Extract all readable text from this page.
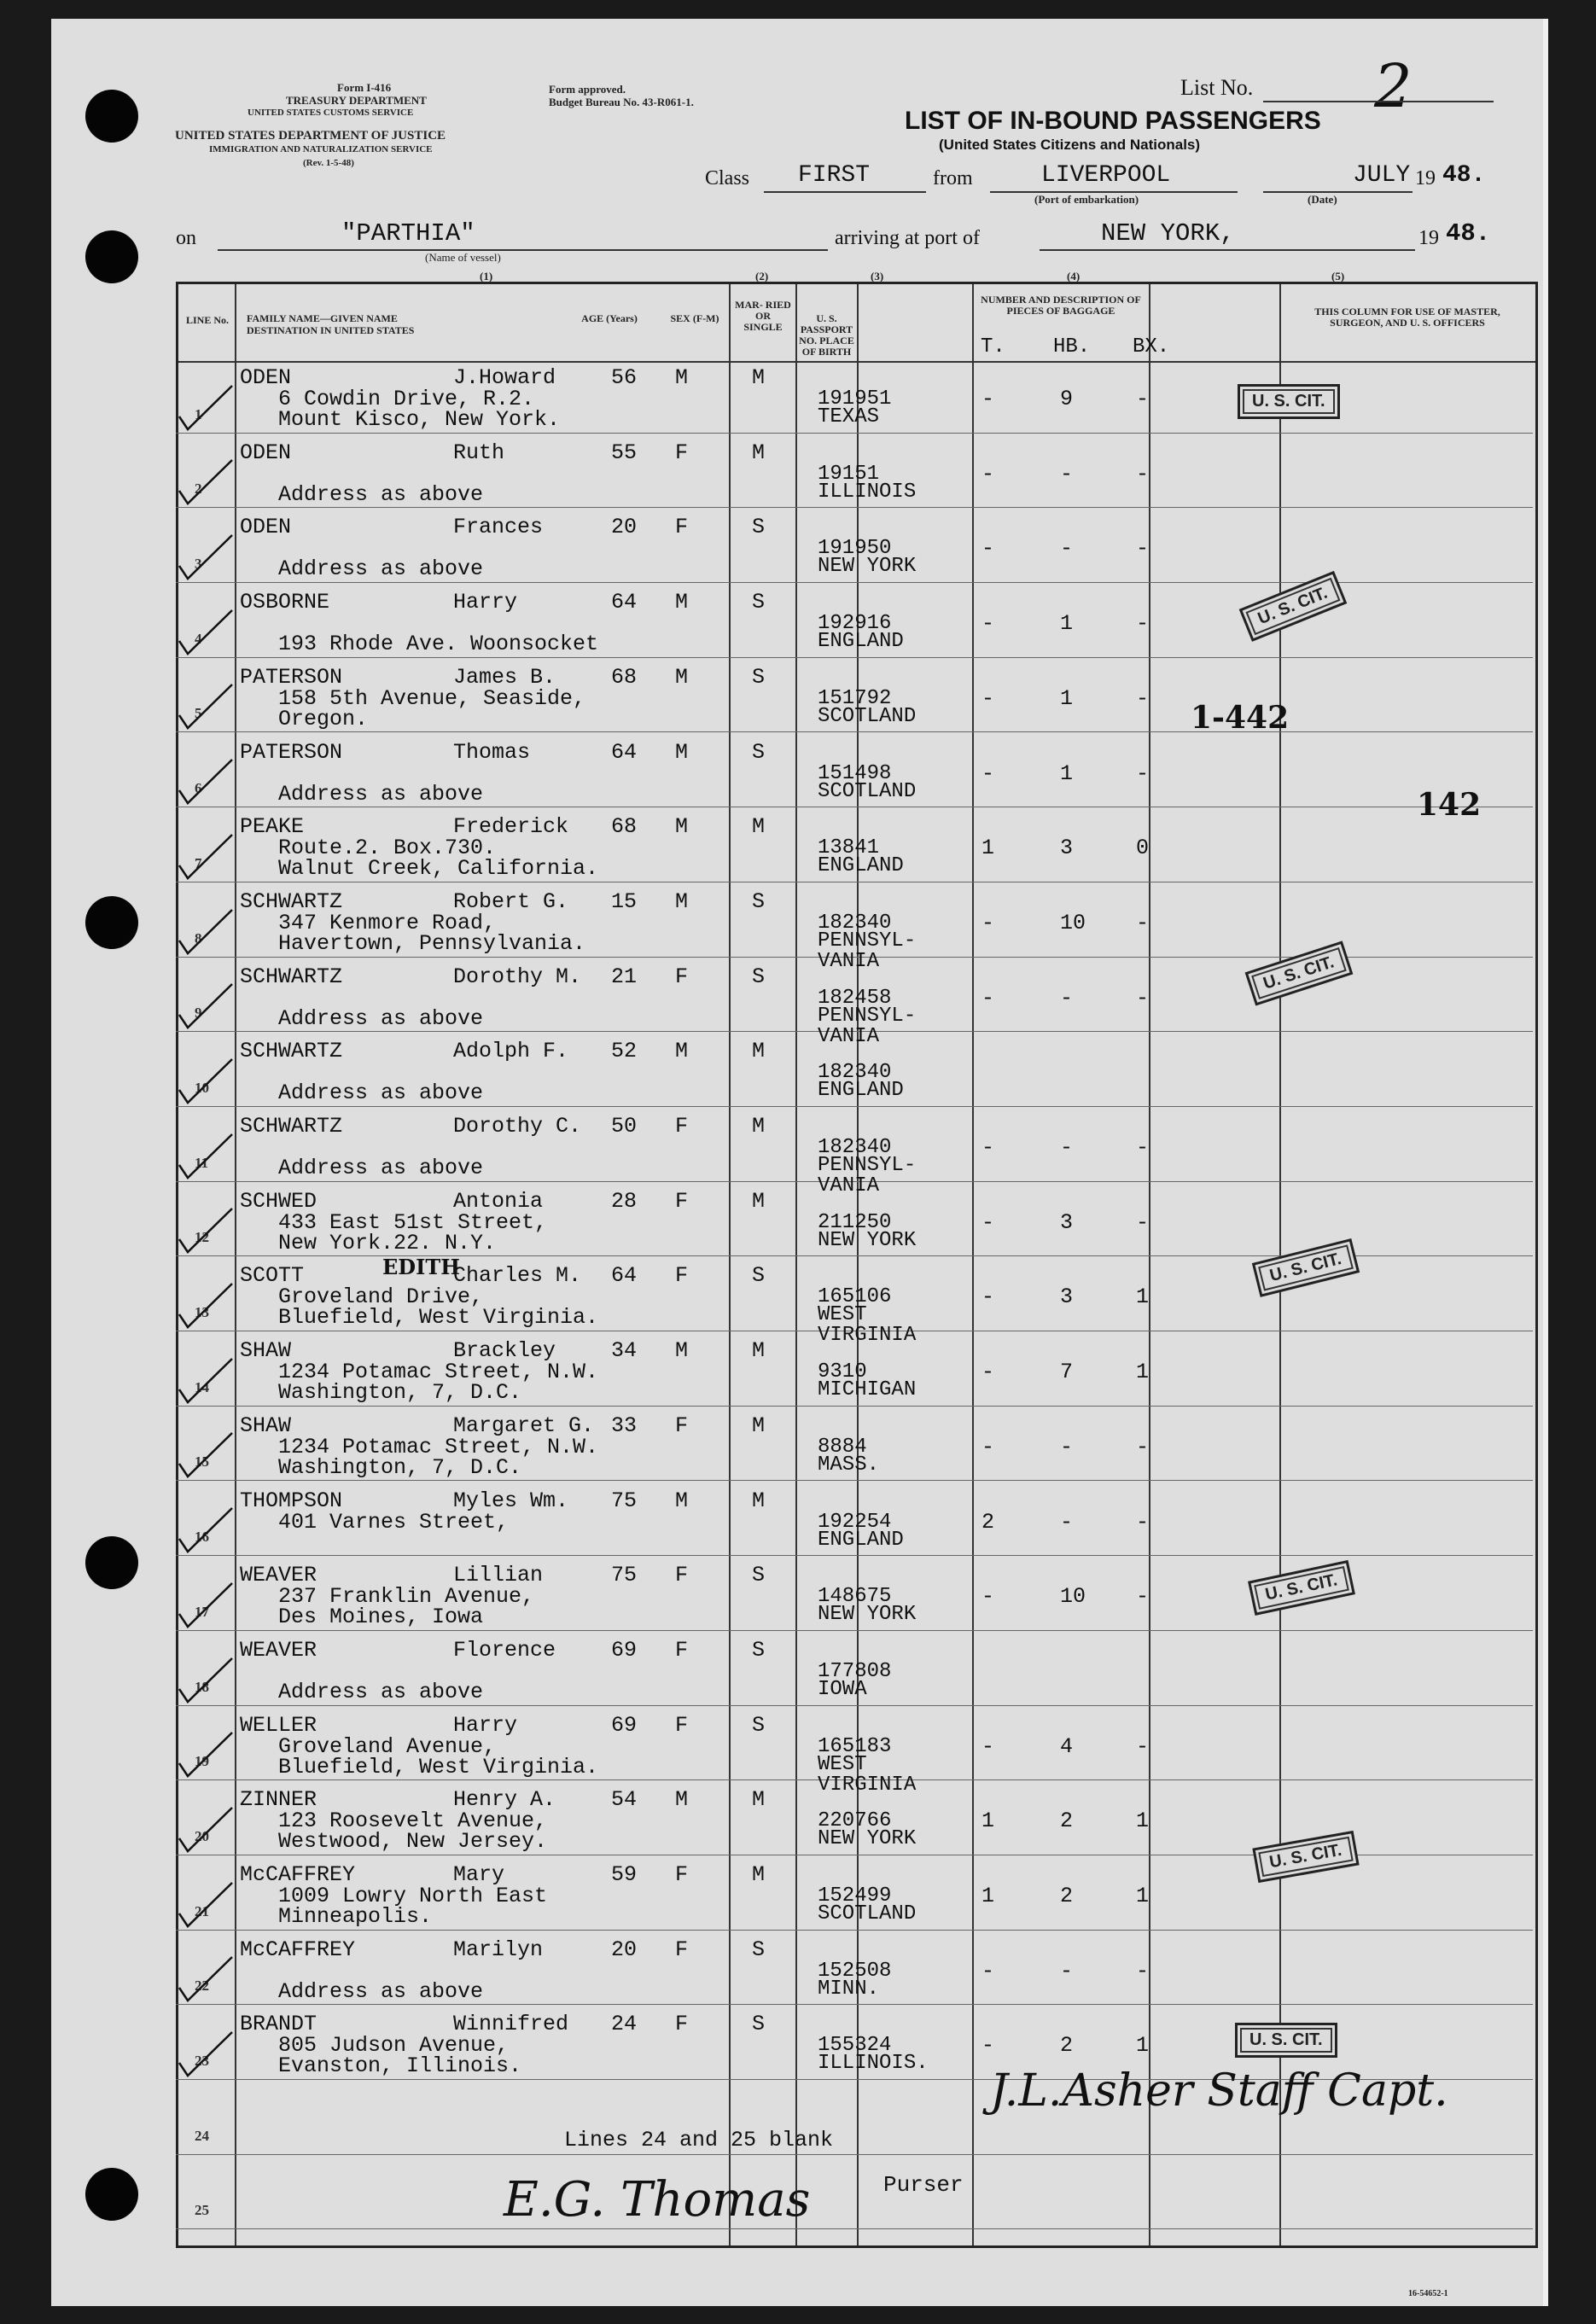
Form I-416
TREASURY DEPARTMENT
UNITED STATES CUSTOMS SERVICE
UNITED STATES DEPARTMENT OF JUSTICE
IMMIGRATION AND NATURALIZATION SERVICE
(Rev. 1-5-48)
Form approved.
Budget Bureau No. 43-R061-1.
List No. 2
LIST OF IN-BOUND PASSENGERS
(United States Citizens and Nationals)
Class FIRST	from	LIVERPOOL
(Port of embarkation)
JULY
(Date)
19 48.
on	"PARTHIA"
(Name of vessel)
arriving at port of	NEW YORK,	19 48.
(1)	(2)	(3)	(4)	(5)
LINE No.	FAMILY NAME—GIVEN NAME
DESTINATION IN UNITED STATES
AGE (Years)	SEX (F-M)
MAR- RIED OR SINGLE
U. S. PASSPORT NO. PLACE OF BIRTH
NUMBER AND DESCRIPTION OF PIECES OF BAGGAGE
T. HB. BX.
THIS COLUMN FOR USE OF MASTER, SURGEON, AND U. S. OFFICERS
1
ODEN	J.Howard	56 M	M
6 Cowdin Drive, R.2.
Mount Kisco, New York.
191951
TEXAS
-	9	-
2
ODEN	Ruth	55 F	M
Address as above
19151
ILLINOIS
-	-	-
3
ODEN	Frances	20 F	S
Address as above
191950
NEW YORK
-	-	-
4
OSBORNE	Harry	64 M	S
193 Rhode Ave. Woonsocket
192916
ENGLAND
-	1	-
5
PATERSON	James B.	68 M	S
158 5th Avenue, Seaside,
Oregon.
151792
SCOTLAND
-	1	-
6
PATERSON	Thomas	64 M	S
Address as above
151498
SCOTLAND
-	1	-
7
PEAKE	Frederick 68 M	M
Route.2. Box.730.
Walnut Creek, California.
13841
ENGLAND
1	3	0
8
SCHWARTZ	Robert G. 15 M	S
347 Kenmore Road,
Havertown, Pennsylvania.
182340
PENNSYL- VANIA
-	10 -
9
SCHWARTZ	Dorothy M. 21 F	S
Address as above
182458
PENNSYL- VANIA
-	-	-
10
SCHWARTZ	Adolph F. 52 M	M
Address as above
182340
ENGLAND
11
SCHWARTZ	Dorothy C. 50 F	M
Address as above
182340
PENNSYL- VANIA
-	-	-
12
SCHWED	Antonia	28 F	M
433 East 51st Street,
New York.22. N.Y.
211250
NEW YORK
-	3	-
13
SCOTT	Charles M. 64 F	S
Groveland Drive,
Bluefield, West Virginia.
165106
WEST VIRGINIA
-	3	1
14
SHAW	Brackley	34 M	M
1234 Potamac Street, N.W.
Washington, 7, D.C.
9310
MICHIGAN
-	7	1
15
SHAW	Margaret G. 33 F	M
1234 Potamac Street, N.W.
Washington, 7, D.C.
8884
MASS.
-	-	-
16
THOMPSON	Myles Wm. 75 M	M
401 Varnes Street,	192254
ENGLAND
2	-	-
17
WEAVER	Lillian	75 F	S
237 Franklin Avenue,
Des Moines, Iowa
148675
NEW YORK
-	10 -
18
WEAVER	Florence	69 F	S
Address as above
177808
IOWA
19
WELLER	Harry	69 F	S
Groveland Avenue,
Bluefield, West Virginia.
165183
WEST VIRGINIA
-	4	-
20
ZINNER	Henry A.	54 M	M
123 Roosevelt Avenue,
Westwood, New Jersey.
220766
NEW YORK
1	2	1
21
McCAFFREY	Mary	59 F	M
1009 Lowry North East
Minneapolis.
152499
SCOTLAND
1	2	1
22
McCAFFREY	Marilyn	20 F	S
Address as above
152508
MINN.
-	-	-
23
BRANDT	Winnifred 24 F	S
805 Judson Avenue,
Evanston, Illinois.
155324
ILLINOIS.
-	2	1
24	Lines 24 and 25 blank
25
U. S. CIT.
U. S. CIT.
U. S. CIT.
U. S. CIT.
U. S. CIT.
U. S. CIT.
U. S. CIT.
1-442
142
EDITH
Purser
E.G. Thomas
J.L.Asher Staff Capt.
16-54652-1
